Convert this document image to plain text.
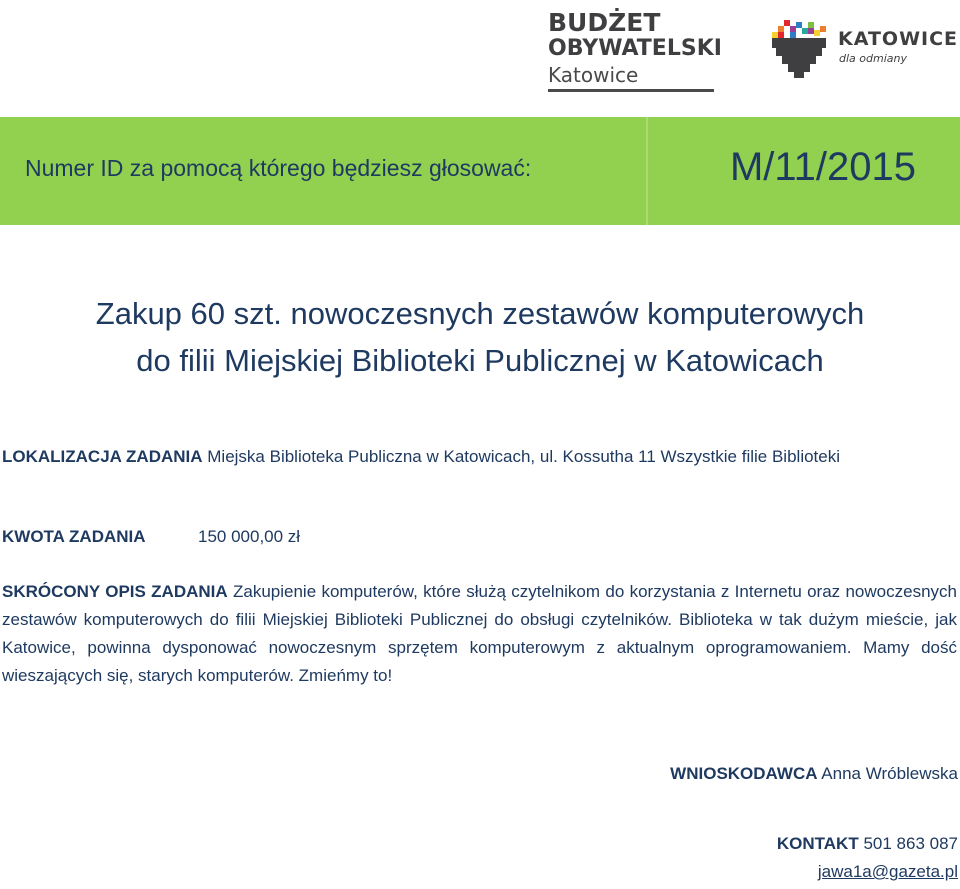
BUDŻET
OBYWATELSKI
Katowice
KATOWICE
dla odmiany
Numer ID za pomocą którego będziesz głosować:	M/11/2015
Zakup 60 szt. nowoczesnych zestawów komputerowych
do filii Miejskiej Biblioteki Publicznej w Katowicach
LOKALIZACJA ZADANIA Miejska Biblioteka Publiczna w Katowicach, ul. Kossutha 11 Wszystkie filie Biblioteki
KWOTA ZADANIA	150 000,00 zł
SKRÓCONY OPIS ZADANIA Zakupienie komputerów, które służą czytelnikom do korzystania z Internetu oraz nowoczesnych zestawów komputerowych do filii Miejskiej Biblioteki Publicznej do obsługi czytelników. Biblioteka w tak dużym mieście, jak Katowice, powinna dysponować nowoczesnym sprzętem komputerowym z aktualnym oprogramowaniem. Mamy dość wieszających się, starych komputerów. Zmieńmy to!
WNIOSKODAWCA Anna Wróblewska
KONTAKT 501 863 087
jawa1a@gazeta.pl
